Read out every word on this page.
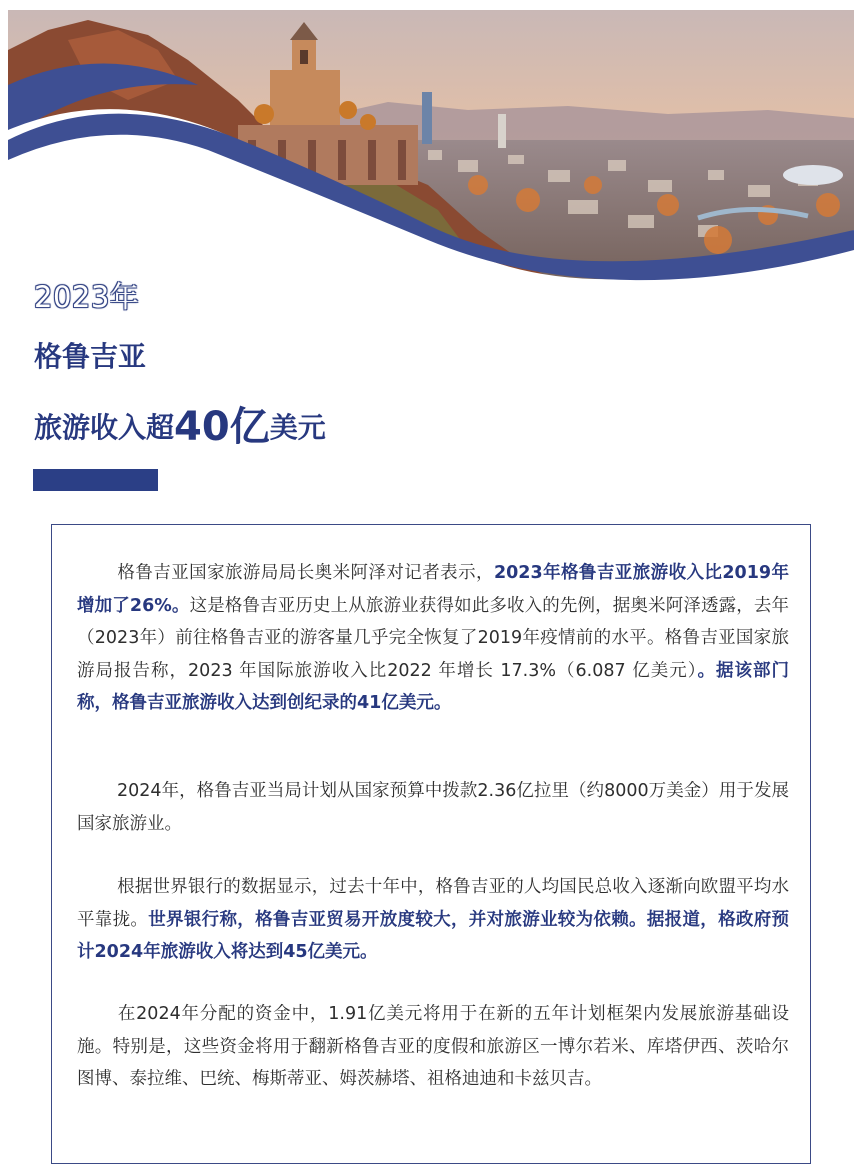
2023年
格鲁吉亚
旅游收入超40亿美元
格鲁吉亚国家旅游局局长奥米阿泽对记者表示，2023年格鲁吉亚旅游收入比2019年增加了26%。这是格鲁吉亚历史上从旅游业获得如此多收入的先例，据奥米阿泽透露，去年（2023年）前往格鲁吉亚的游客量几乎完全恢复了2019年疫情前的水平。格鲁吉亚国家旅游局报告称，2023 年国际旅游收入比2022 年增长 17.3%（6.087 亿美元）。据该部门称，格鲁吉亚旅游收入达到创纪录的41亿美元。
2024年，格鲁吉亚当局计划从国家预算中拨款2.36亿拉里（约8000万美金）用于发展国家旅游业。
根据世界银行的数据显示，过去十年中，格鲁吉亚的人均国民总收入逐渐向欧盟平均水平靠拢。世界银行称，格鲁吉亚贸易开放度较大，并对旅游业较为依赖。据报道，格政府预计2024年旅游收入将达到45亿美元。
在2024年分配的资金中，1.91亿美元将用于在新的五年计划框架内发展旅游基础设施。特别是，这些资金将用于翻新格鲁吉亚的度假和旅游区一博尔若米、库塔伊西、茨哈尔图博、泰拉维、巴统、梅斯蒂亚、姆茨赫塔、祖格迪迪和卡兹贝吉。
